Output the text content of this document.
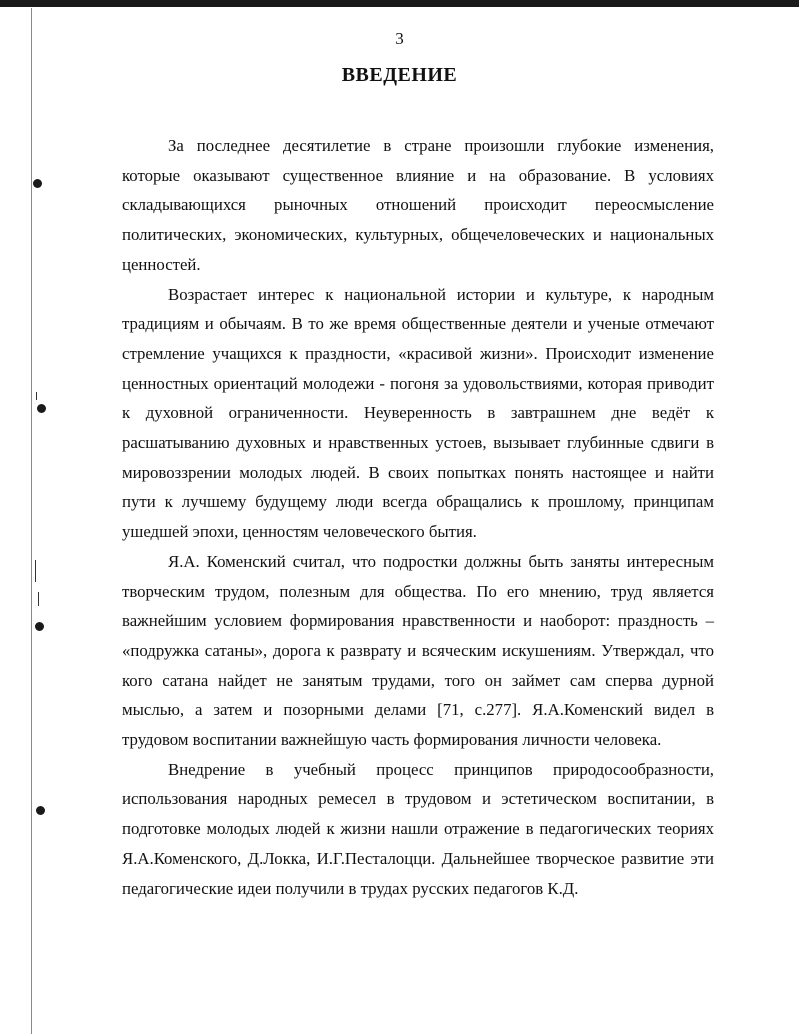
3
ВВЕДЕНИЕ

За последнее десятилетие в стране произошли глубокие изменения, которые оказывают существенное влияние и на образование. В условиях складывающихся рыночных отношений происходит переосмысление политических, экономических, культурных, общечеловеческих и национальных ценностей.

Возрастает интерес к национальной истории и культуре, к народным традициям и обычаям. В то же время общественные деятели и ученые отмечают стремление учащихся к праздности, «красивой жизни». Происходит изменение ценностных ориентаций молодежи - погоня за удовольствиями, которая приводит к духовной ограниченности. Неуверенность в завтрашнем дне ведёт к расшатыванию духовных и нравственных устоев, вызывает глубинные сдвиги в мировоззрении молодых людей. В своих попытках понять настоящее и найти пути к лучшему будущему люди всегда обращались к прошлому, принципам ушедшей эпохи, ценностям человеческого бытия.

Я.А. Коменский считал, что подростки должны быть заняты интересным творческим трудом, полезным для общества. По его мнению, труд является важнейшим условием формирования нравственности и наоборот: праздность – «подружка сатаны», дорога к разврату и всяческим искушениям. Утверждал, что кого сатана найдет не занятым трудами, того он займет сам сперва дурной мыслью, а затем и позорными делами [71, с.277]. Я.А.Коменский видел в трудовом воспитании важнейшую часть формирования личности человека.

Внедрение в учебный процесс принципов природосообразности, использования народных ремесел в трудовом и эстетическом воспитании, в подготовке молодых людей к жизни нашли отражение в педагогических теориях Я.А.Коменского, Д.Локка, И.Г.Песталоцци. Дальнейшее творческое развитие эти педагогические идеи получили в трудах русских педагогов К.Д.
